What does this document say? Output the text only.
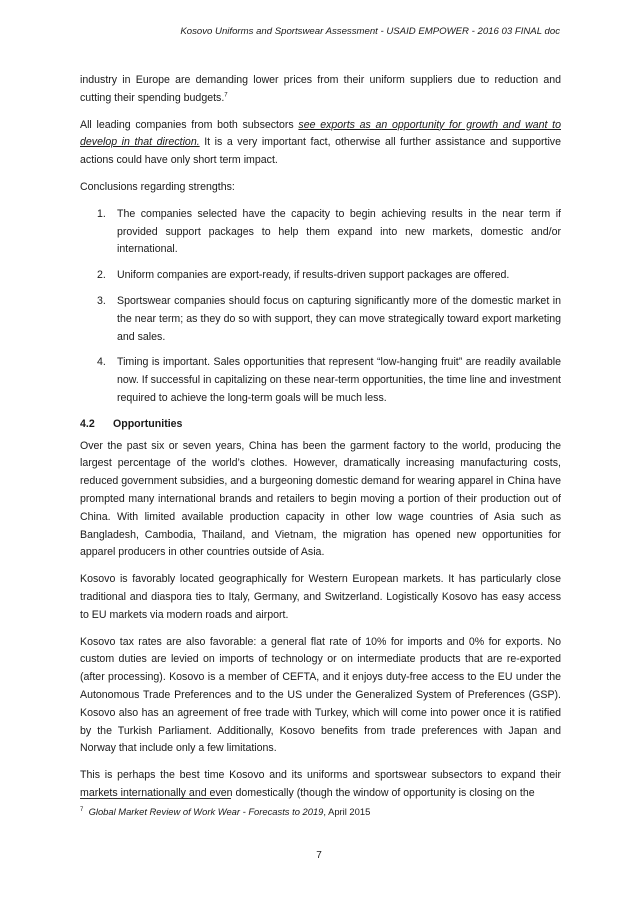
Kosovo Uniforms and Sportswear Assessment - USAID EMPOWER - 2016 03 FINAL doc

industry in Europe are demanding lower prices from their uniform suppliers due to reduction and cutting their spending budgets.$^7$

All leading companies from both subsectors see exports as an opportunity for growth and want to develop in that direction. It is a very important fact, otherwise all further assistance and supportive actions could have only short term impact.

Conclusions regarding strengths:

1. The companies selected have the capacity to begin achieving results in the near term if provided support packages to help them expand into new markets, domestic and/or international.
2. Uniform companies are export-ready, if results-driven support packages are offered.
3. Sportswear companies should focus on capturing significantly more of the domestic market in the near term; as they do so with support, they can move strategically toward export marketing and sales.
4. Timing is important. Sales opportunities that represent “low-hanging fruit” are readily available now. If successful in capitalizing on these near-term opportunities, the time line and investment required to achieve the long-term goals will be much less.
4.2 Opportunities

Over the past six or seven years, China has been the garment factory to the world, producing the largest percentage of the world’s clothes. However, dramatically increasing manufacturing costs, reduced government subsidies, and a burgeoning domestic demand for wearing apparel in China have prompted many international brands and retailers to begin moving a portion of their production out of China. With limited available production capacity in other low wage countries of Asia such as Bangladesh, Cambodia, Thailand, and Vietnam, the migration has opened new opportunities for apparel producers in other countries outside of Asia.

Kosovo is favorably located geographically for Western European markets. It has particularly close traditional and diaspora ties to Italy, Germany, and Switzerland. Logistically Kosovo has easy access to EU markets via modern roads and airport.

Kosovo tax rates are also favorable: a general flat rate of 10% for imports and 0% for exports. No custom duties are levied on imports of technology or on intermediate products that are re-exported (after processing). Kosovo is a member of CEFTA, and it enjoys duty-free access to the EU under the Autonomous Trade Preferences and to the US under the Generalized System of Preferences (GSP). Kosovo also has an agreement of free trade with Turkey, which will come into power once it is ratified by the Turkish Parliament. Additionally, Kosovo benefits from trade preferences with Japan and Norway that include only a few limitations.

This is perhaps the best time Kosovo and its uniforms and sportswear subsectors to expand their markets internationally and even domestically (though the window of opportunity is closing on the

$^7$ Global Market Review of Work Wear - Forecasts to 2019, April 2015
7
